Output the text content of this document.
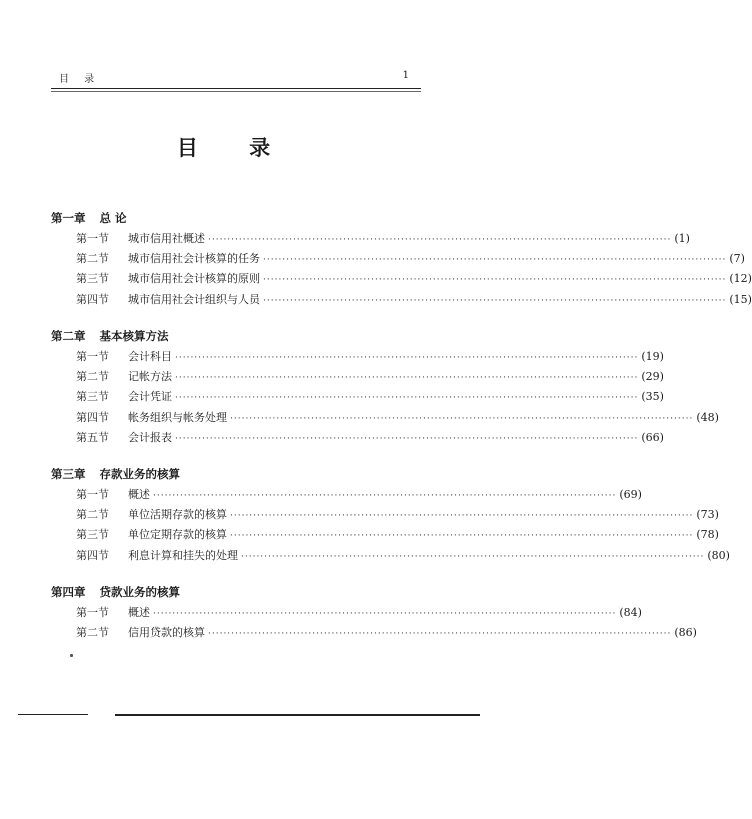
目 录	1
目 录
第一章 总 论
第一节	城市信用社概述 ························································································································ (1)
第二节	城市信用社会计核算的任务 ························································································································ (7)
第三节	城市信用社会计核算的原则 ························································································································ (12)
第四节	城市信用社会计组织与人员 ························································································································ (15)
第二章 基本核算方法
第一节	会计科目 ························································································································ (19)
第二节	记帐方法 ························································································································ (29)
第三节	会计凭证 ························································································································ (35)
第四节	帐务组织与帐务处理 ························································································································ (48)
第五节	会计报表 ························································································································ (66)
第三章 存款业务的核算
第一节	概述 ························································································································ (69)
第二节	单位活期存款的核算 ························································································································ (73)
第三节	单位定期存款的核算 ························································································································ (78)
第四节	利息计算和挂失的处理 ························································································································ (80)
第四章 贷款业务的核算
第一节	概述 ························································································································ (84)
第二节	信用贷款的核算 ························································································································ (86)
